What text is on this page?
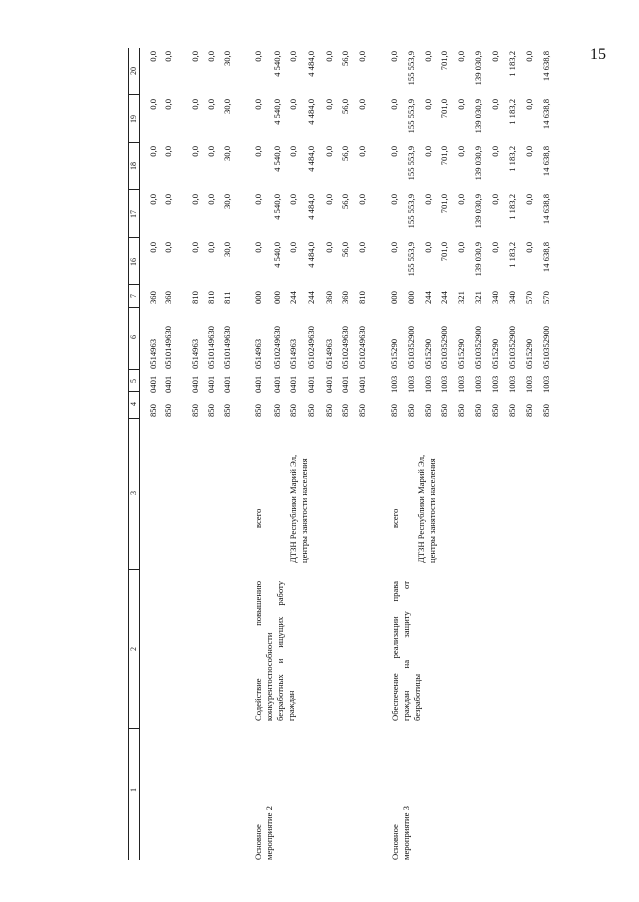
15
1
2
3
4
5
6
7
16
17
18
19
20
Основное мероприятие 2
Содействие повышению конкурентоспособности безработных и ищущих работу граждан
всего	ДТЗН Республики Марий Эл, центры занятости населения
Основное мероприятие 3
Обеспечение реализации права граждан на защиту от безработицы
всего ДТЗН Республики Марий Эл, центры занятости населения
850
0401
0514963
360
0,0
0,0
0,0
0,0
0,0
850
0401
0510149630
360
0,0
0,0
0,0
0,0
0,0
850
0401
0514963
810
0,0
0,0
0,0
0,0
0,0
850
0401
0510149630
810
0,0
0,0
0,0
0,0
0,0
850
0401
0510149630
811
30,0
30,0
30,0
30,0
30,0
850
0401
0514963
000
0,0
0,0
0,0
0,0
0,0
850
0401
0510249630
000
4 540,0
4 540,0
4 540,0
4 540,0
4 540,0
850
0401
0514963
244
0,0
0,0
0,0
0,0
0,0
850
0401
0510249630
244
4 484,0
4 484,0
4 484,0
4 484,0
4 484,0
850
0401
0514963
360
0,0
0,0
0,0
0,0
0,0
850
0401
0510249630
360
56,0
56,0
56,0
56,0
56,0
850
0401
0510249630
810
0,0
0,0
0,0
0,0
0,0
850
1003
0515290
000
0,0
0,0
0,0
0,0
0,0
850
1003
0510352900
000
155 553,9
155 553,9
155 553,9
155 553,9
155 553,9
850
1003
0515290
244
0,0
0,0
0,0
0,0
0,0
850
1003
0510352900
244
701,0
701,0
701,0
701,0
701,0
850
1003
0515290
321
0,0
0,0
0,0
0,0
0,0
850
1003
0510352900
321
139 030,9
139 030,9
139 030,9
139 030,9
139 030,9
850
1003
0515290
340
0,0
0,0
0,0
0,0
0,0
850
1003
0510352900
340
1 183,2
1 183,2
1 183,2
1 183,2
1 183,2
850
1003
0515290
570
0,0
0,0
0,0
0,0
0,0
850
1003
0510352900
570
14 638,8
14 638,8
14 638,8
14 638,8
14 638,8
